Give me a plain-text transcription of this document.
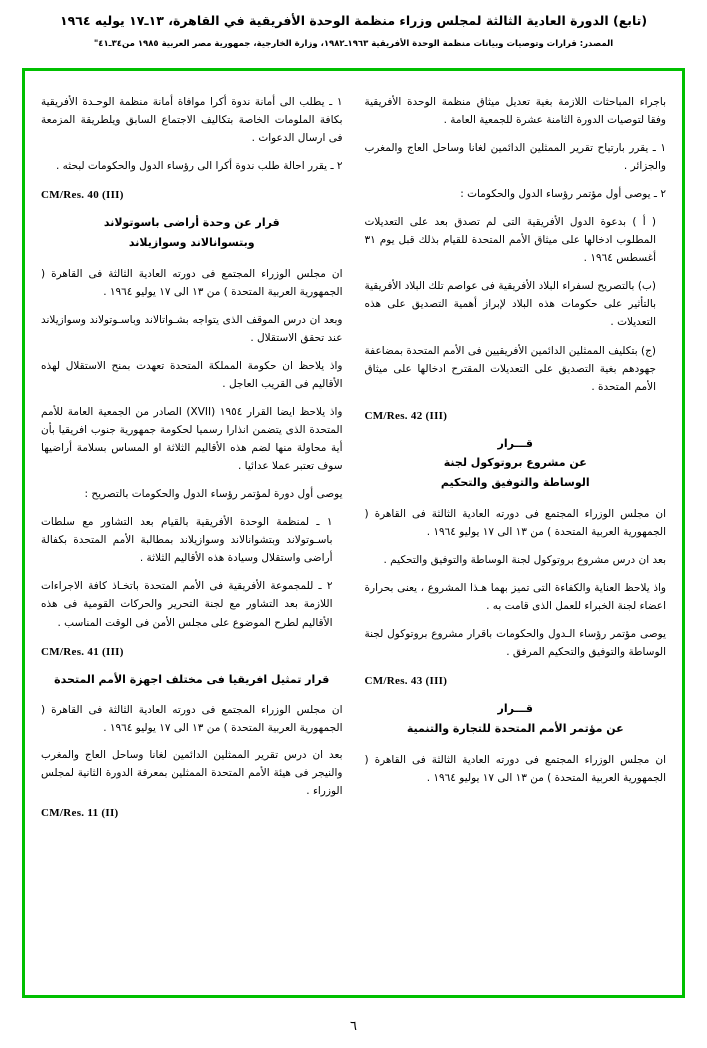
(تابع) الدورة العادية الثالثة لمجلس وزراء منظمة الوحدة الأفريقية في القاهرة، ١٣ـ١٧ يوليه ١٩٦٤
المصدر: قرارات وتوصيات وبيانات منظمة الوحدة الأفريقية ١٩٦٣ـ١٩٨٢، وزارة الخارجية، جمهورية مصر العربية ١٩٨٥ من٣٤ـ٤١"

باجراء المباحثات اللازمة بغية تعديل ميثاق منظمة الوحدة الأفريقية وفقا لتوصيات الدورة الثامنة عشرة للجمعية العامة .

١ ـ يقرر بارتياح تقرير الممثلين الدائمين لغانا وساحل العاج والمغرب والجزائر .

٢ ـ يوصى أول مؤتمر رؤساء الدول والحكومات :

( أ ) بدعوة الدول الأفريقية التى لم تصدق بعد على التعديلات المطلوب ادخالها على ميثاق الأمم المتحدة للقيام بذلك قبل يوم ٣١ أغسطس ١٩٦٤ .

(ب) بالتصريح لسفراء البلاد الأفريقية فى عواصم تلك البلاد الأفريقية بالتأثير على حكومات هذه البلاد لإبراز أهمية التصديق على هذه التعديلات .

(ج) بتكليف الممثلين الدائمين الأفريقيين فى الأمم المتحدة بمضاعفة جهودهم بغية التصديق على التعديلات المقترح ادخالها على ميثاق الأمم المتحدة .

CM/Res. 42 (III)
قـــرار
عن مشروع بروتوكول لجنة
الوساطة والتوفيق والتحكيم

ان مجلس الوزراء المجتمع فى دورته العادية الثالثة فى القاهرة ( الجمهورية العربية المتحدة ) من ١٣ الى ١٧ يوليو ١٩٦٤ .

بعد ان درس مشروع بروتوكول لجنة الوساطة والتوفيق والتحكيم .

واذ يلاحظ العناية والكفاءة التى تميز بهما هـذا المشروع ، يعنى بحرارة اعضاء لجنة الخبراء للعمل الذى قامت به .

يوصى مؤتمر رؤساء الـدول والحكومات باقرار مشروع بروتوكول لجنة الوساطة والتوفيق والتحكيم المرفق .

CM/Res. 43 (III)
قـــرار
عن مؤتمر الأمم المتحدة للتجارة والتنمية

ان مجلس الوزراء المجتمع فى دورته العادية الثالثة فى القاهرة ( الجمهورية العربية المتحدة ) من ١٣ الى ١٧ يوليو ١٩٦٤ .

١ ـ يطلب الى أمانة ندوة أكرا موافاة أمانة منظمة الوحـدة الأفريقية بكافة الملومات الخاصة بتكاليف الاجتماع السابق ويلطريقة المزمعة فى ارسال الدعوات .

٢ ـ يقرر احالة طلب ندوة أكرا الى رؤساء الدول والحكومات لبحثه .

CM/Res. 40 (III)
قرار عن وحدة أراضى باسوتولاند
وبتسوانالاند وسوازيلاند

ان مجلس الوزراء المجتمع فى دورته العادية الثالثة فى القاهرة ( الجمهورية العربية المتحدة ) من ١٣ الى ١٧ يوليو ١٩٦٤ .

وبعد ان درس الموقف الذى يتواجه بشـواتالاند وباسـوتولاند وسوازيلاند عند تحقق الاستقلال .

واذ يلاحظ ان حكومة المملكة المتحدة تعهدت بمنح الاستقلال لهذه الأقاليم فى القريب العاجل .

واذ يلاحظ ايضا القرار ١٩٥٤ (XVII) الصادر من الجمعية العامة للأمم المتحدة الذى يتضمن انذارا رسميا لحكومة جمهورية جنوب افريقيا بأن أية محاولة منها لضم هذه الأقاليم الثلاثة او المساس بسلامة أراضيها سوف تعتبر عملا عدائيا .

يوصى أول دورة لمؤتمر رؤساء الدول والحكومات بالتصريح :

١ ـ لمنظمة الوحدة الأفريقية بالقيام بعد التشاور مع سلطات باسـوتولاند وبتشوانالاند وسوازيلاند بمطالبة الأمم المتحدة بكفالة أراضى واستقلال وسيادة هذه الأقاليم الثلاثة .

٢ ـ للمجموعة الأفريقية فى الأمم المتحدة باتخـاذ كافة الاجراءات اللازمة بعد التشاور مع لجنة التحرير والحركات القومية فى هذه الأقاليم لطرح الموضوع على مجلس الأمن فى الوقت المناسب .

CM/Res. 41 (III)
قرار تمثيل افريقيا فى مختلف اجهزة الأمم المتحدة

ان مجلس الوزراء المجتمع فى دورته العادية الثالثة فى القاهرة ( الجمهورية العربية المتحدة ) من ١٣ الى ١٧ يوليو ١٩٦٤ .

بعد ان درس تقرير الممثلين الدائمين لغانا وساحل العاج والمغرب والنيجر فى هيئة الأمم المتحدة الممثلين بمعرفة الدورة الثانية لمجلس الوزراء .

CM/Res. 11 (II)
٦
